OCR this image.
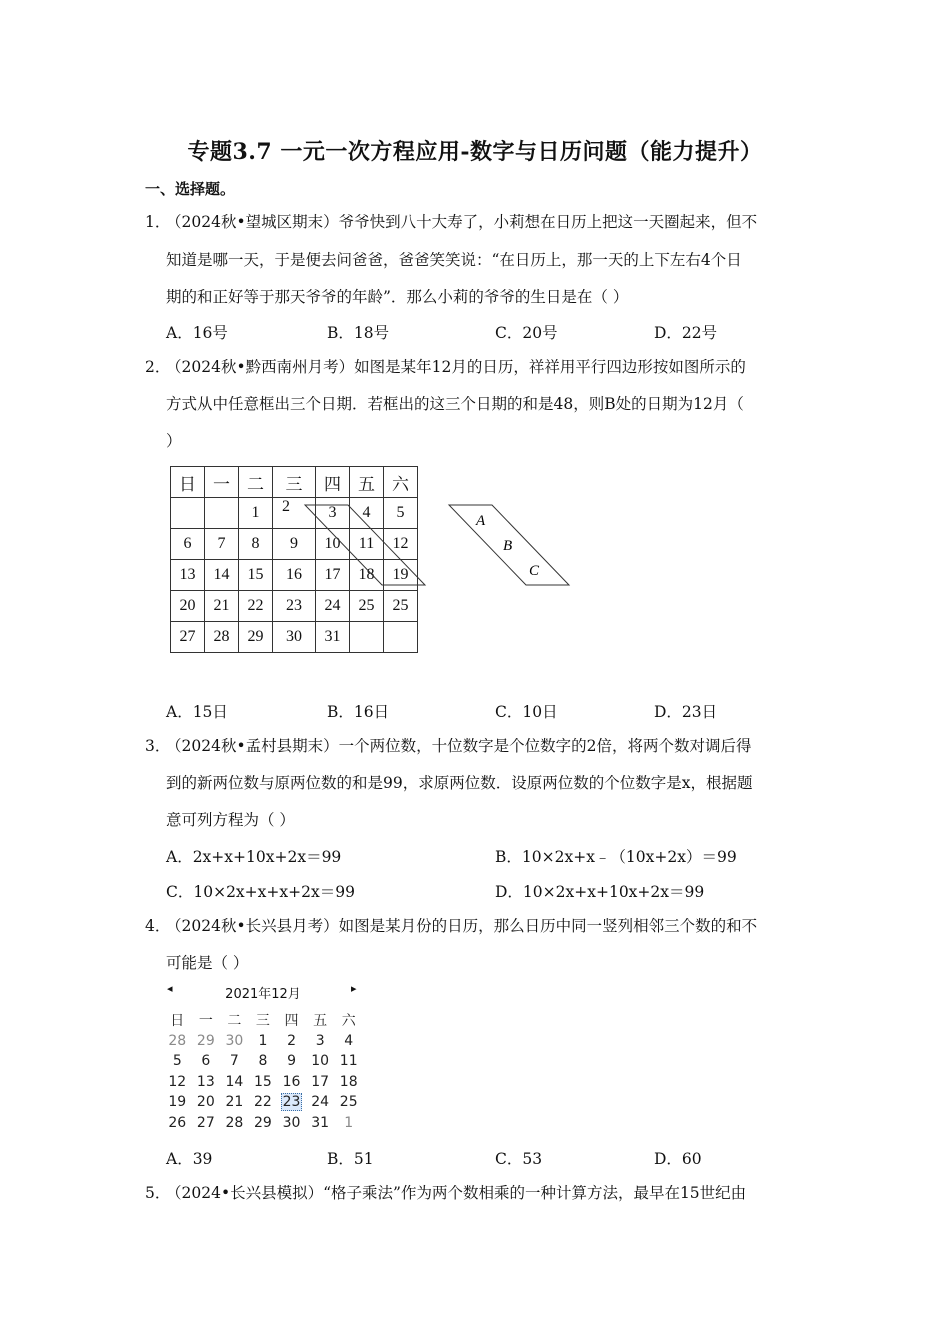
专题3.7 一元一次方程应用-数字与日历问题（能力提升）
一、选择题。
1．
（2024秋•望城区期末）爷爷快到八十大寿了，小莉想在日历上把这一天圈起来，但不
知道是哪一天，于是便去问爸爸，爸爸笑笑说：“在日历上，那一天的上下左右4个日
期的和正好等于那天爷爷的年龄”．那么小莉的爷爷的生日是在（ ）
A．16号	B．18号	C．20号	D．22号
2．
（2024秋•黔西南州月考）如图是某年12月的日历，祥祥用平行四边形按如图所示的
方式从中任意框出三个日期．若框出的这三个日期的和是48，则B处的日期为12月（
）
日	一	二	三	四	五	六
		1	2	3	4	5
6	7	8	9	10	11	12
13	14	15	16	17	18	19
20	21	22	23	24	25	25
27	28	29	30	31		
A
B
C
A．15日	B．16日	C．10日	D．23日
3．
（2024秋•孟村县期末）一个两位数，十位数字是个位数字的2倍，将两个数对调后得
到的新两位数与原两位数的和是99，求原两位数．设原两位数的个位数字是x，根据题
意可列方程为（ ）
A．2x+x+10x+2x＝99	B．10×2x+x﹣（10x+2x）＝99
C．10×2x+x+x+2x＝99	D．10×2x+x+10x+2x＝99
4．
（2024秋•长兴县月考）如图是某月份的日历，那么日历中同一竖列相邻三个数的和不
可能是（ ）
◂	2021年12月	▸
日	一	二	三	四	五	六
28	29	30	1	2	3	4
5	6	7	8	9	10	11
12	13	14	15	16	17	18
19	20	21	22	23	24	25
26	27	28	29	30	31	1
A．39	B．51	C．53	D．60
5．
（2024•长兴县模拟）“格子乘法”作为两个数相乘的一种计算方法，最早在15世纪由
